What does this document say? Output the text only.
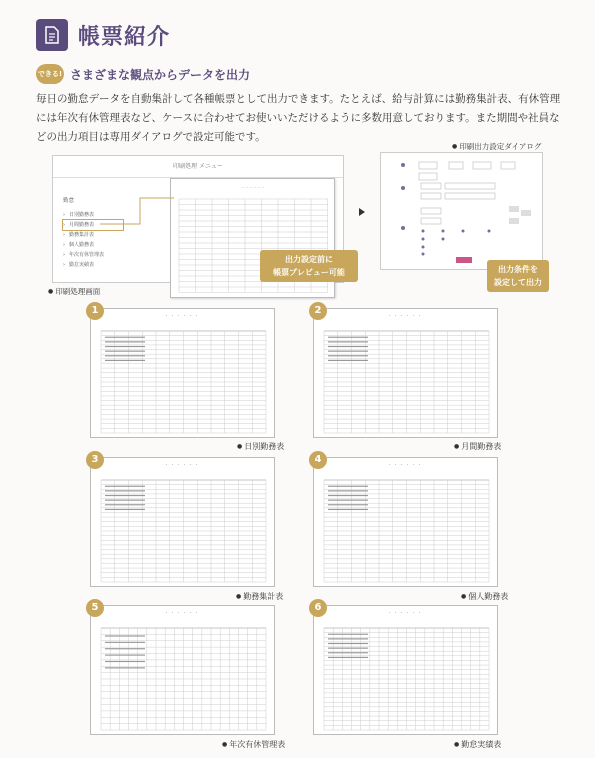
帳票紹介
できる! さまざまな観点からデータを出力
毎日の勤怠データを自動集計して各種帳票として出力できます。たとえば、給与計算には勤務集計表、有休管理には年次有休管理表など、ケースに合わせてお使いいただけるように多数用意しております。また期間や社員などの出力項目は専用ダイアログで設定可能です。
印刷処理 メニュー
勤怠
› 日別勤務表
› 月間勤務表
› 勤務集計表
› 個人勤務表
› 年次有休管理表
› 勤怠実績表
・・・・・・
出力設定前に
帳票プレビュー可能	出力条件を
設定して出力
● 印刷処理画面
● 印刷出力設定ダイアログ
・・・・・・
1
● 日別勤務表
・・・・・・
2
● 月間勤務表
・・・・・・
3
● 勤務集計表
・・・・・・
4
● 個人勤務表
・・・・・・
5
● 年次有休管理表
・・・・・・
6
● 勤怠実績表
